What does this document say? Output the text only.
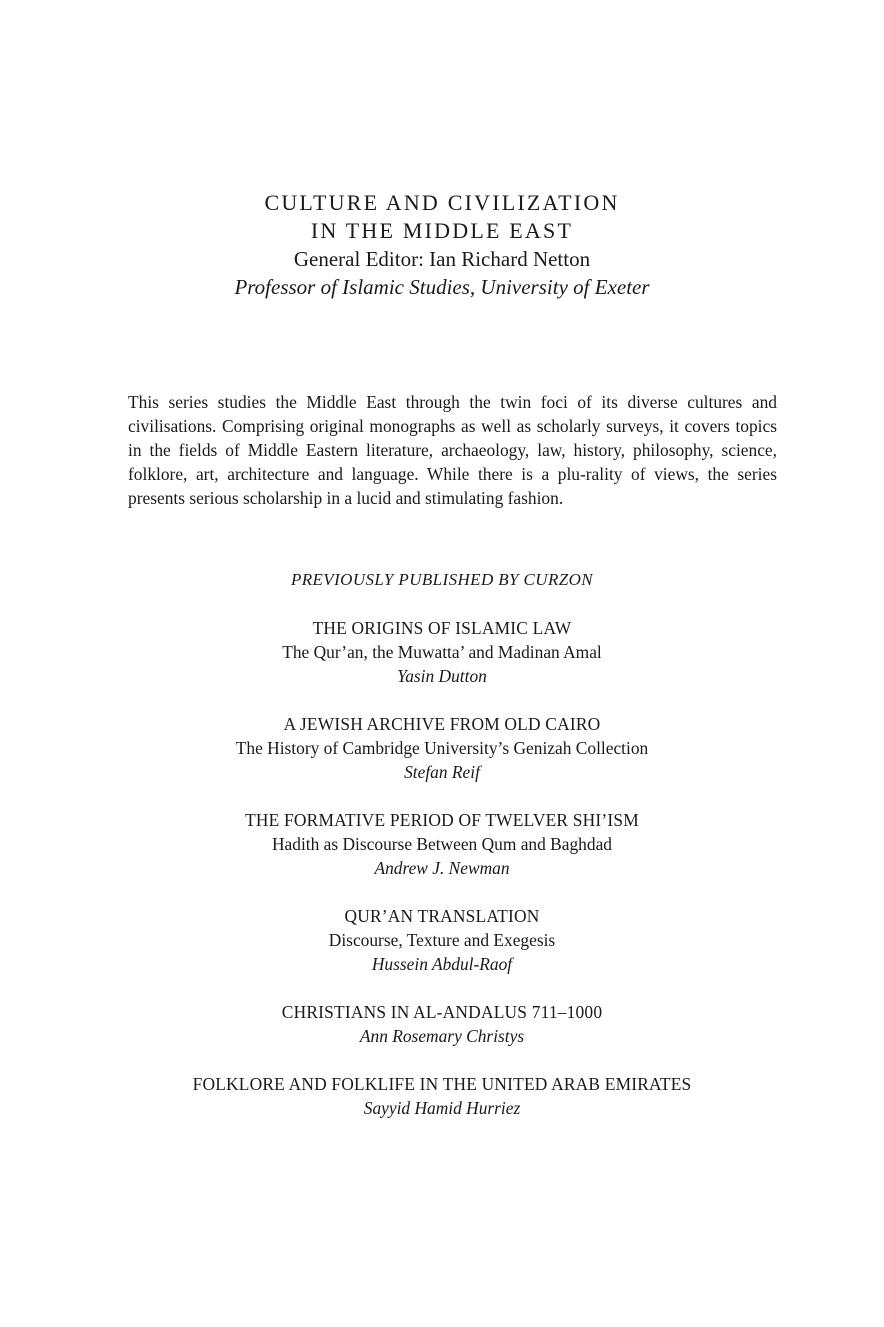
CULTURE AND CIVILIZATION
IN THE MIDDLE EAST
General Editor: Ian Richard Netton
Professor of Islamic Studies, University of Exeter
This series studies the Middle East through the twin foci of its diverse cultures and civilisations. Comprising original monographs as well as scholarly surveys, it covers topics in the fields of Middle Eastern literature, archaeology, law, history, philosophy, science, folklore, art, architecture and language. While there is a plu-rality of views, the series presents serious scholarship in a lucid and stimulating fashion.
PREVIOUSLY PUBLISHED BY CURZON
THE ORIGINS OF ISLAMIC LAW
The Qur’an, the Muwatta’ and Madinan Amal
Yasin Dutton
A JEWISH ARCHIVE FROM OLD CAIRO
The History of Cambridge University’s Genizah Collection
Stefan Reif
THE FORMATIVE PERIOD OF TWELVER SHI’ISM
Hadith as Discourse Between Qum and Baghdad
Andrew J. Newman
QUR’AN TRANSLATION
Discourse, Texture and Exegesis
Hussein Abdul-Raof
CHRISTIANS IN AL-ANDALUS 711–1000
Ann Rosemary Christys
FOLKLORE AND FOLKLIFE IN THE UNITED ARAB EMIRATES
Sayyid Hamid Hurriez
